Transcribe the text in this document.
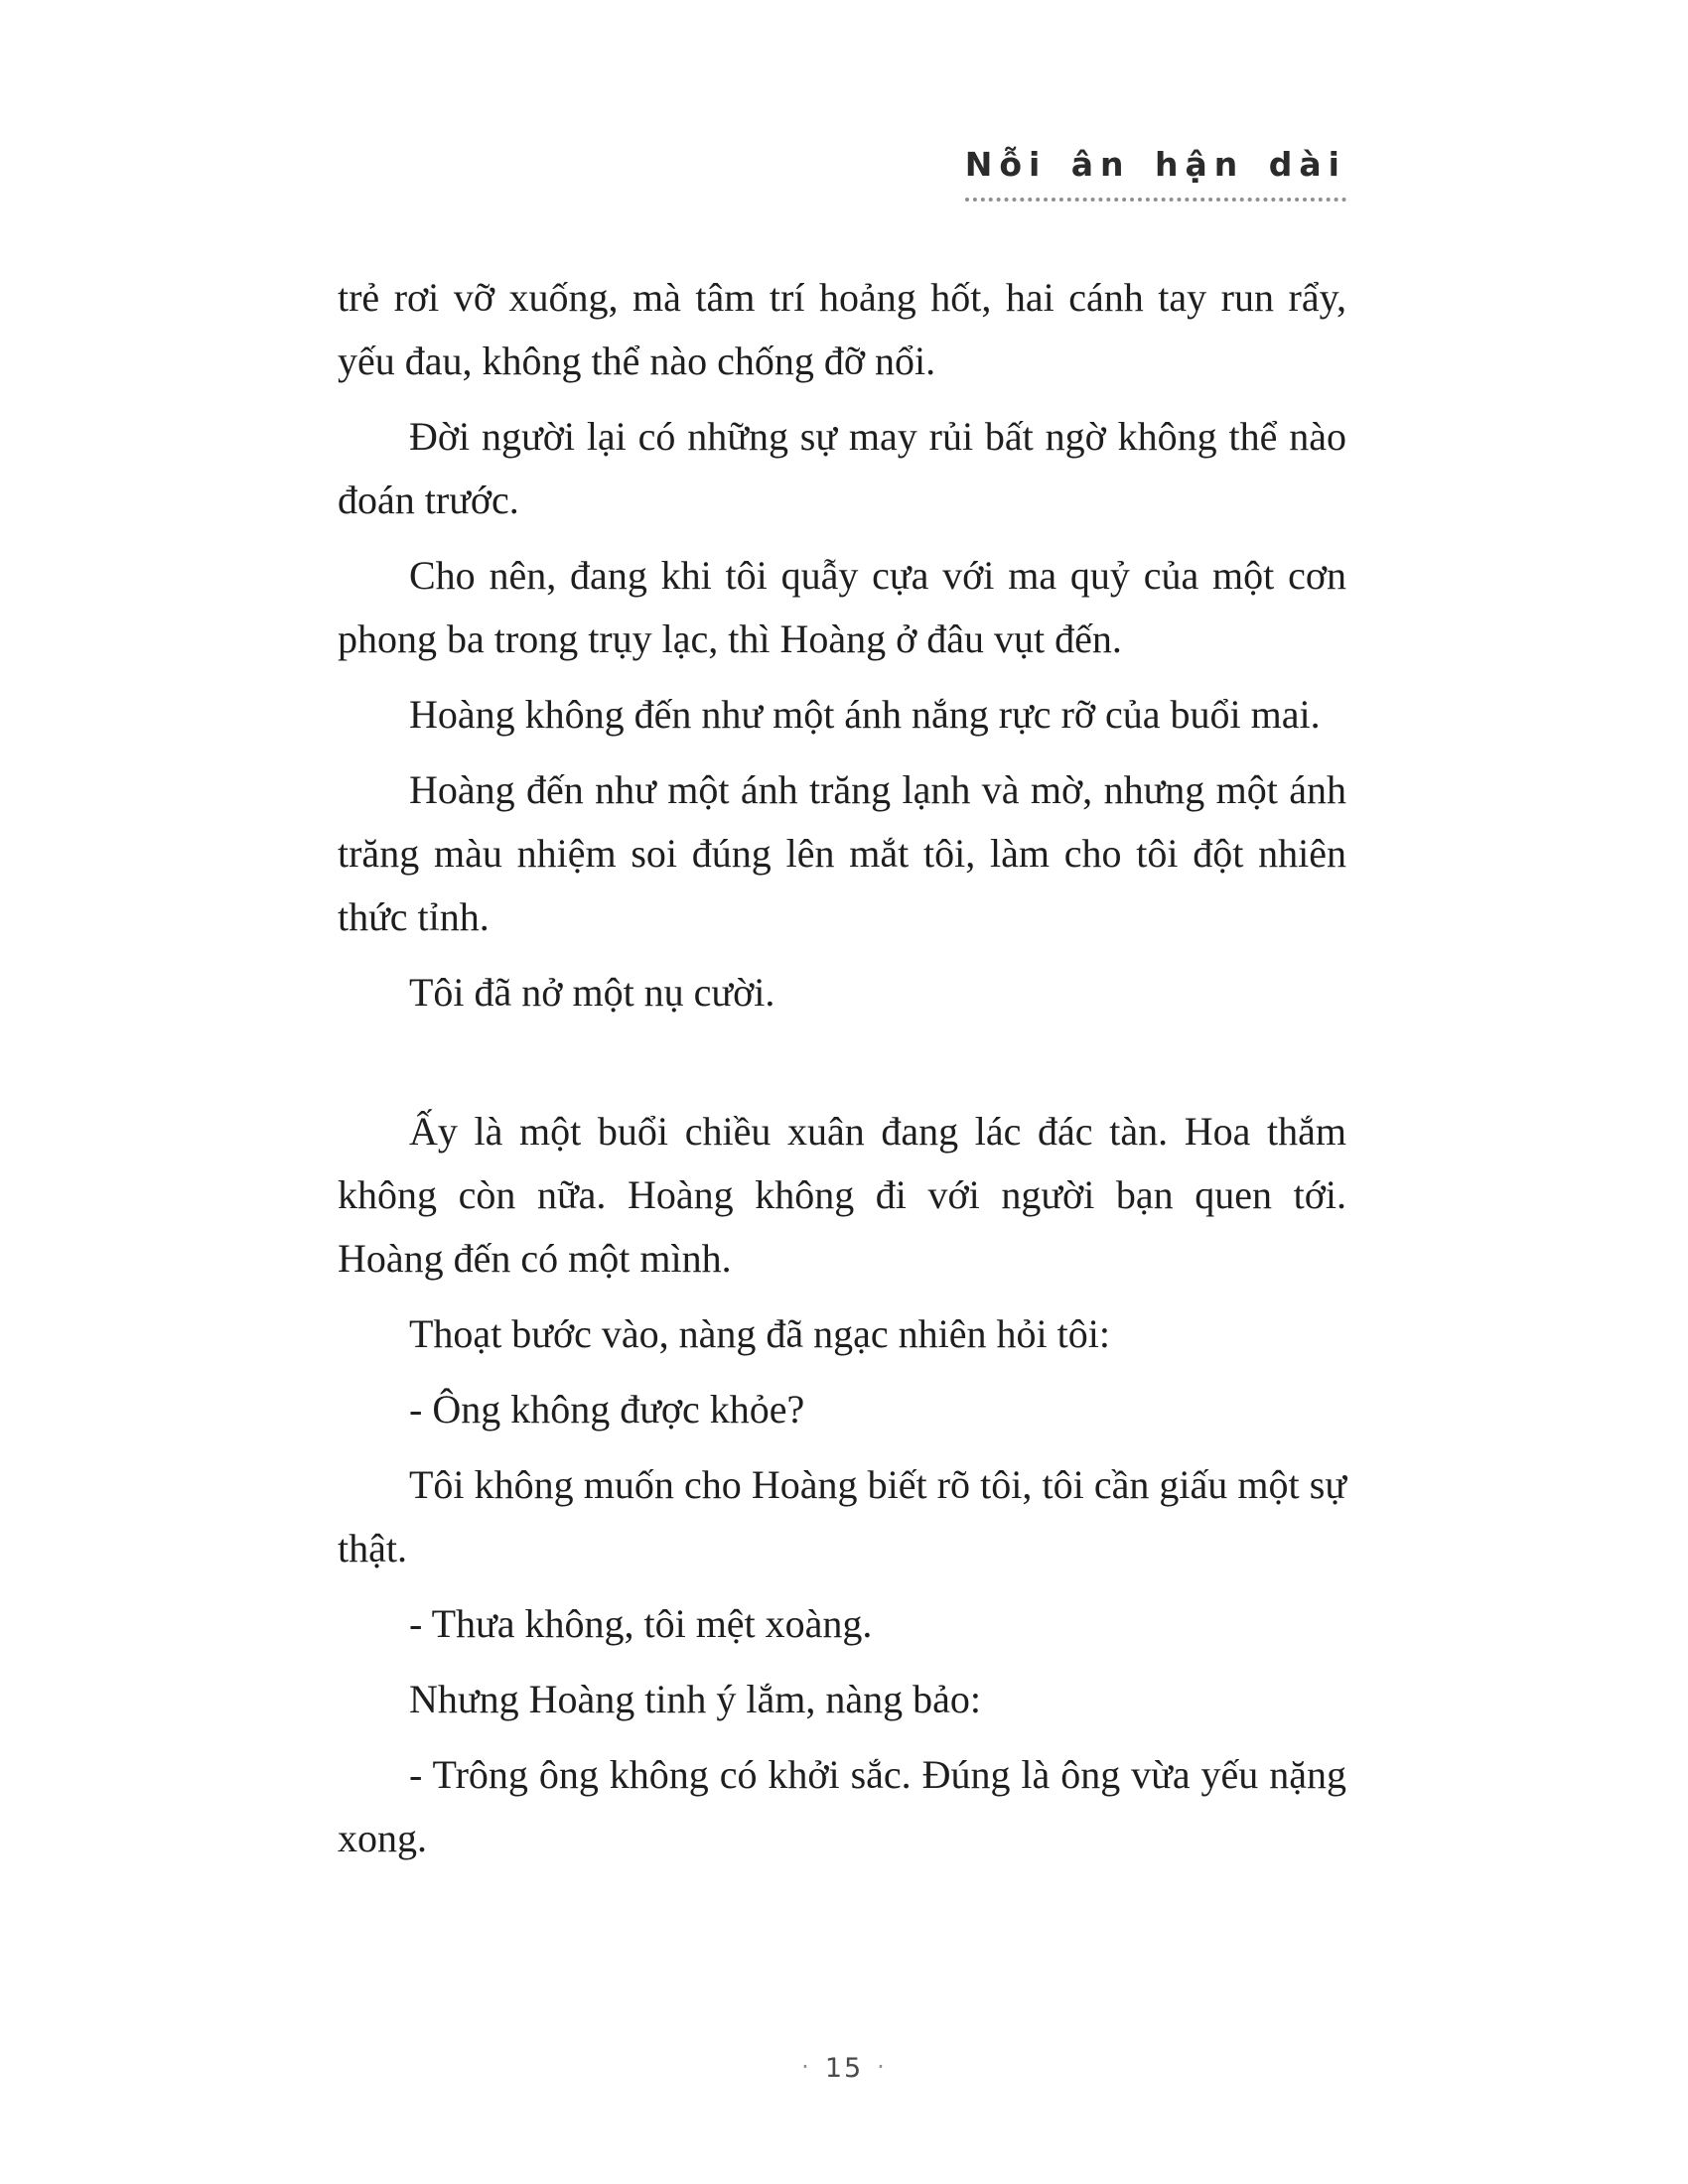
Nỗi ân hận dài

trẻ rơi vỡ xuống, mà tâm trí hoảng hốt, hai cánh tay run rẩy, yếu đau, không thể nào chống đỡ nổi.

Đời người lại có những sự may rủi bất ngờ không thể nào đoán trước.

Cho nên, đang khi tôi quẫy cựa với ma quỷ của một cơn phong ba trong trụy lạc, thì Hoàng ở đâu vụt đến.

Hoàng không đến như một ánh nắng rực rỡ của buổi mai.

Hoàng đến như một ánh trăng lạnh và mờ, nhưng một ánh trăng màu nhiệm soi đúng lên mắt tôi, làm cho tôi đột nhiên thức tỉnh.

Tôi đã nở một nụ cười.

Ấy là một buổi chiều xuân đang lác đác tàn. Hoa thắm không còn nữa. Hoàng không đi với người bạn quen tới. Hoàng đến có một mình.

Thoạt bước vào, nàng đã ngạc nhiên hỏi tôi:

- Ông không được khỏe?

Tôi không muốn cho Hoàng biết rõ tôi, tôi cần giấu một sự thật.

- Thưa không, tôi mệt xoàng.

Nhưng Hoàng tinh ý lắm, nàng bảo:

- Trông ông không có khởi sắc. Đúng là ông vừa yếu nặng xong.

· 15 ·
